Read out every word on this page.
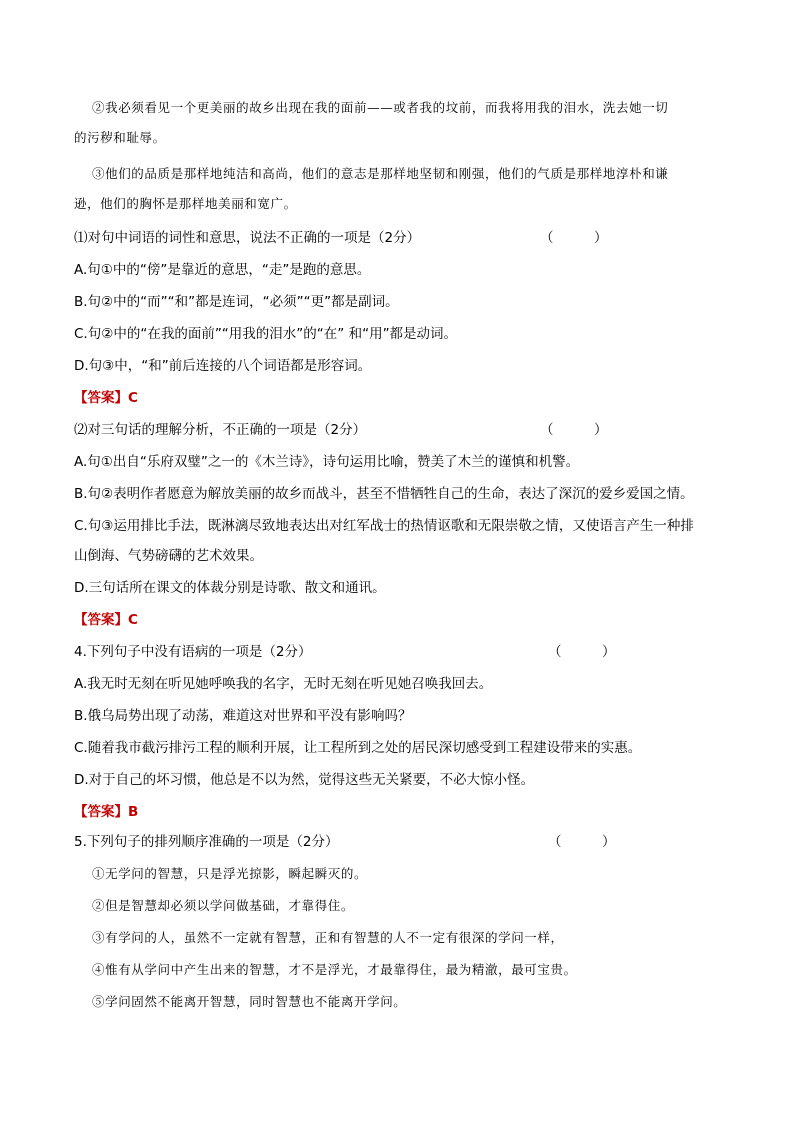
②我必须看见一个更美丽的故乡出现在我的面前——或者我的坟前，而我将用我的泪水，洗去她一切
的污秽和耻辱。
③他们的品质是那样地纯洁和高尚，他们的意志是那样地坚韧和刚强，他们的气质是那样地淳朴和谦
逊，他们的胸怀是那样地美丽和宽广。
⑴对句中词语的词性和意思，说法不正确的一项是（2分）	（　　　）
A.句①中的“傍”是靠近的意思，“走”是跑的意思。
B.句②中的“而”“和”都是连词，“必须”“更”都是副词。
C.句②中的“在我的面前”“用我的泪水”的“在” 和“用”都是动词。
D.句③中，“和”前后连接的八个词语都是形容词。
【答案】C
⑵对三句话的理解分析，不正确的一项是（2分）	（　　　）
A.句①出自“乐府双璧”之一的《木兰诗》，诗句运用比喻，赞美了木兰的谨慎和机警。
B.句②表明作者愿意为解放美丽的故乡而战斗，甚至不惜牺牲自己的生命，表达了深沉的爱乡爱国之情。
C.句③运用排比手法，既淋漓尽致地表达出对红军战士的热情讴歌和无限崇敬之情，又使语言产生一种排
山倒海、气势磅礴的艺术效果。
D.三句话所在课文的体裁分别是诗歌、散文和通讯。
【答案】C
4.下列句子中没有语病的一项是（2分）	（　　　）
A.我无时无刻在听见她呼唤我的名字，无时无刻在听见她召唤我回去。
B.俄乌局势出现了动荡，难道这对世界和平没有影响吗？
C.随着我市截污排污工程的顺利开展，让工程所到之处的居民深切感受到工程建设带来的实惠。
D.对于自己的坏习惯，他总是不以为然，觉得这些无关紧要，不必大惊小怪。
【答案】B
5.下列句子的排列顺序准确的一项是（2分）	（　　　）
①无学问的智慧，只是浮光掠影，瞬起瞬灭的。
②但是智慧却必须以学问做基础，才靠得住。
③有学问的人，虽然不一定就有智慧，正和有智慧的人不一定有很深的学问一样，
④惟有从学问中产生出来的智慧，才不是浮光，才最靠得住，最为精澈，最可宝贵。
⑤学问固然不能离开智慧，同时智慧也不能离开学问。
